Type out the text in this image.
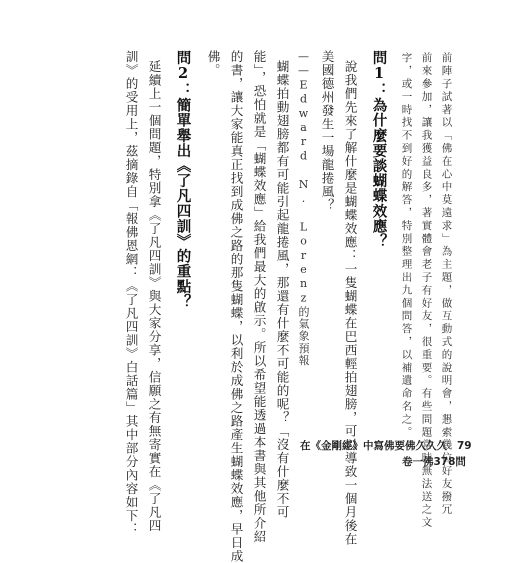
前陣子試著以「佛在心中莫遠求」為主題，做互動式的說明會，懇索幾位好友撥冗
前來參加，讓我獲益良多，著實體會老子有好友，很重要。有些問題當時無法送之文
字，或一時找不到好的解答，特別整理出九個問答，以補遺命名之。
問1：為什麼要談蝴蝶效應？
說我們先來了解什麼是蝴蝶效應：一隻蝴蝶在巴西輕拍翅膀，可以導致一個月後在
美國德州發生一場龍捲風？
——Edward N. Lorenz的氣象預報
蝴蝶拍動翅膀都有可能引起龍捲風，那還有什麼不可能的呢？「沒有什麼不可
能」，恐怕就是「蝴蝶效應」給我們最大的啟示。所以希望能透過本書與其他所介紹
的書，讓大家能真正找到成佛之路的那隻蝴蝶，以利於成佛之路產生蝴蝶效應，早日成
佛。
問2：簡單舉出《了凡四訓》的重點？
延續上一個問題，特別拿《了凡四訓》與大家分享，信願之有無寄實在《了凡四
訓》的受用上，茲摘錄自「報佛恩網：《了凡四訓》白話篇」其中部分內容如下：	在《金剛經》中寫佛要佛久久久 79
卷一佛378問
